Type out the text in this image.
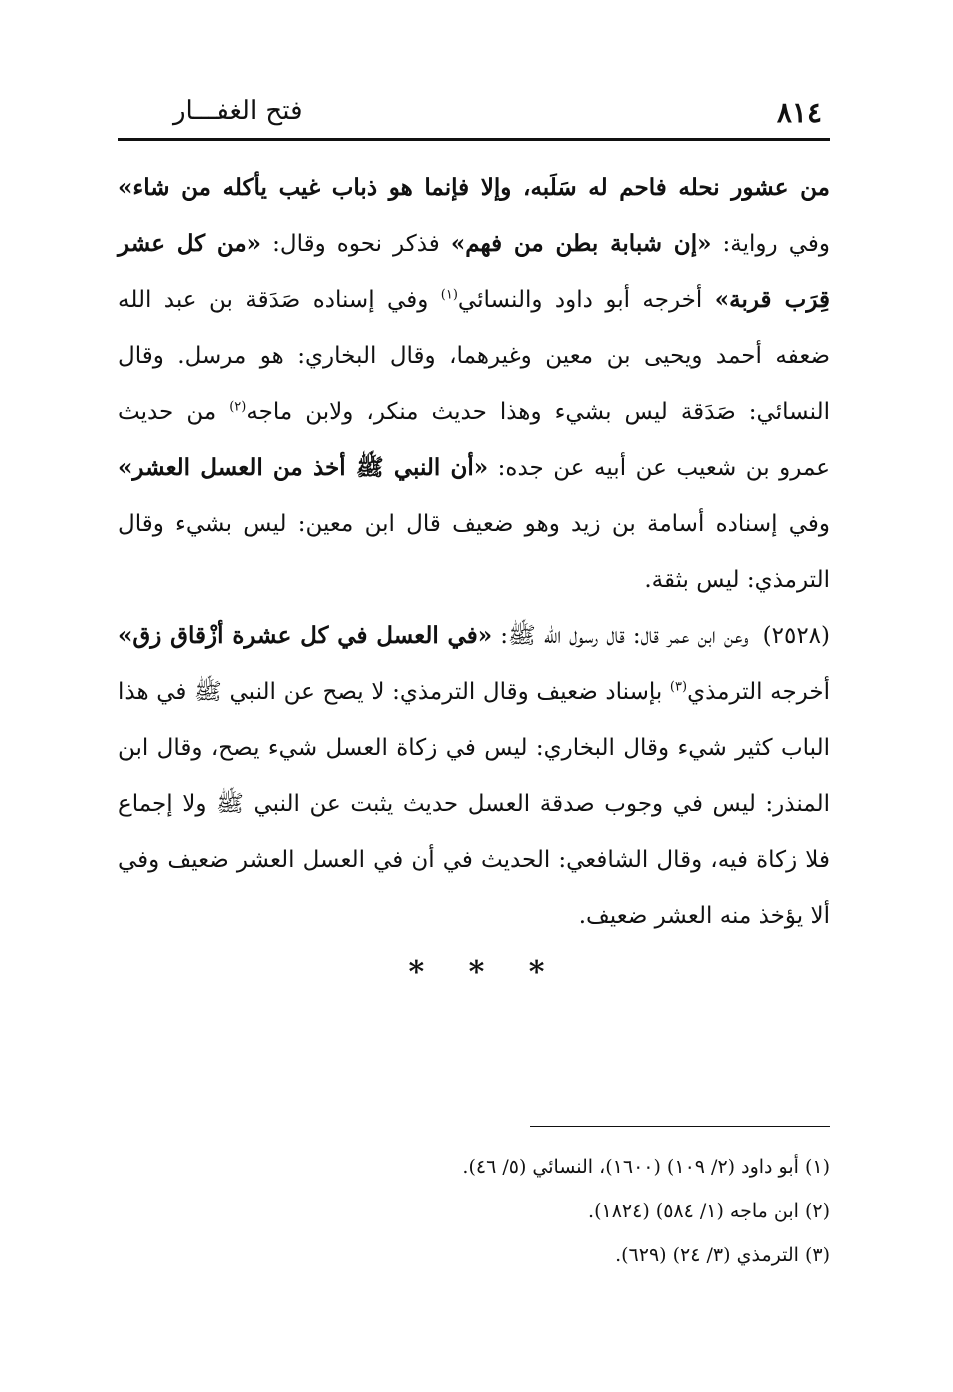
فتح الغفـــار	٨١٤

من عشور نحله فاحم له سَلَبه، وإلا فإنما هو ذباب غيب يأكله من شاء» وفي رواية: «إن شبابة بطن من فهم» فذكر نحوه وقال: «من كل عشر قِرَب قربة» أخرجه أبو داود والنسائي$^{(١)}$ وفي إسناده صَدَقة بن عبد الله ضعفه أحمد ويحيى بن معين وغيرهما، وقال البخاري: هو مرسل. وقال النسائي: صَدَقة ليس بشيء وهذا حديث منكر، ولابن ماجه$^{(٢)}$ من حديث عمرو بن شعيب عن أبيه عن جده: «أن النبي ﷺ أخذ من العسل العشر» وفي إسناده أسامة بن زيد وهو ضعيف قال ابن معين: ليس بشيء وقال الترمذي: ليس بثقة.

(٢٥٢٨)وعن ابن عمر قال: قال رسول الله ﷺ: «في العسل في كل عشرة أزْقاق زق» أخرجه الترمذي$^{(٣)}$ بإسناد ضعيف وقال الترمذي: لا يصح عن النبي ﷺ في هذا الباب كثير شيء وقال البخاري: ليس في زكاة العسل شيء يصح، وقال ابن المنذر: ليس في وجوب صدقة العسل حديث يثبت عن النبي ﷺ ولا إجماع فلا زكاة فيه، وقال الشافعي: الحديث في أن في العسل العشر ضعيف وفي ألا يؤخذ منه العشر ضعيف.

* * *

(١) أبو داود (٢/ ١٠٩) (١٦٠٠)، النسائي (٥/ ٤٦).

(٢) ابن ماجه (١/ ٥٨٤) (١٨٢٤).

(٣) الترمذي (٣/ ٢٤) (٦٢٩).
